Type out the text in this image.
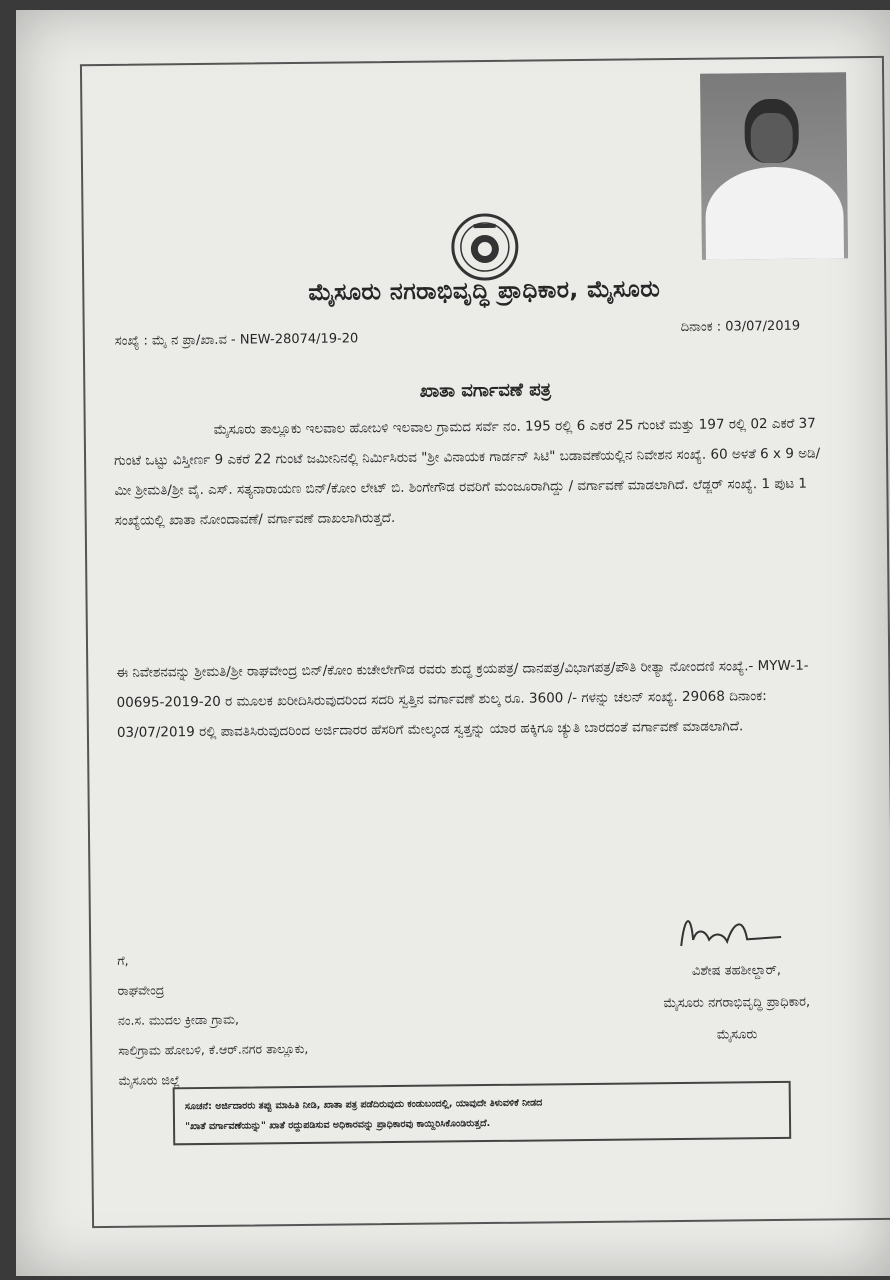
ಮೈಸೂರು ನಗರಾಭಿವೃದ್ಧಿ ಪ್ರಾಧಿಕಾರ, ಮೈಸೂರು
ಸಂಖ್ಯೆ : ಮೈ ನ ಪ್ರಾ/ಖಾ.ವ - NEW-28074/19-20
ದಿನಾಂಕ : 03/07/2019
ಖಾತಾ ವರ್ಗಾವಣೆ ಪತ್ರ
ಮೈಸೂರು ತಾಲ್ಲೂಕು ಇಲವಾಲ ಹೋಬಳಿ ಇಲವಾಲ ಗ್ರಾಮದ ಸರ್ವೆ ನಂ. 195 ರಲ್ಲಿ 6 ಎಕರೆ 25 ಗುಂಟೆ ಮತ್ತು 197 ರಲ್ಲಿ 02 ಎಕರೆ 37 ಗುಂಟೆ ಒಟ್ಟು ವಿಸ್ತೀರ್ಣ 9 ಎಕರೆ 22 ಗುಂಟೆ ಜಮೀನಿನಲ್ಲಿ ನಿರ್ಮಿಸಿರುವ "ಶ್ರೀ ವಿನಾಯಕ ಗಾರ್ಡನ್ ಸಿಟಿ" ಬಡಾವಣೆಯಲ್ಲಿನ ನಿವೇಶನ ಸಂಖ್ಯೆ. 60 ಅಳತೆ 6 x 9 ಅಡಿ/ಮೀ ಶ್ರೀಮತಿ/ಶ್ರೀ ವೈ. ಎಸ್. ಸತ್ಯನಾರಾಯಣ ಬಿನ್/ಕೋಂ ಲೇಟ್ ಬಿ. ಶಿಂಗೇಗೌಡ ರವರಿಗೆ ಮಂಜೂರಾಗಿದ್ದು / ವರ್ಗಾವಣೆ ಮಾಡಲಾಗಿದೆ. ಲೆಡ್ಜರ್ ಸಂಖ್ಯೆ. 1 ಪುಟ 1 ಸಂಖ್ಯೆಯಲ್ಲಿ ಖಾತಾ ನೋಂದಾವಣೆ/ ವರ್ಗಾವಣೆ ದಾಖಲಾಗಿರುತ್ತದೆ.
ಈ ನಿವೇಶನವನ್ನು ಶ್ರೀಮತಿ/ಶ್ರೀ ರಾಘವೇಂದ್ರ ಬಿನ್/ಕೋಂ ಕುಚೇಲೇಗೌಡ ರವರು ಶುದ್ಧ ಕ್ರಯಪತ್ರ/ ದಾನಪತ್ರ/ವಿಭಾಗಪತ್ರ/ಪೌತಿ ರೀತ್ಯಾ ನೋಂದಣಿ ಸಂಖ್ಯೆ.- MYW-1-00695-2019-20 ರ ಮೂಲಕ ಖರೀದಿಸಿರುವುದರಿಂದ ಸದರಿ ಸ್ವತ್ತಿನ ವರ್ಗಾವಣೆ ಶುಲ್ಕ ರೂ. 3600 /- ಗಳನ್ನು ಚಲನ್ ಸಂಖ್ಯೆ. 29068 ದಿನಾಂಕ: 03/07/2019 ರಲ್ಲಿ ಪಾವತಿಸಿರುವುದರಿಂದ ಅರ್ಜಿದಾರರ ಹೆಸರಿಗೆ ಮೇಲ್ಕಂಡ ಸ್ವತ್ತನ್ನು ಯಾರ ಹಕ್ಕಿಗೂ ಚ್ಯುತಿ ಬಾರದಂತೆ ವರ್ಗಾವಣೆ ಮಾಡಲಾಗಿದೆ.
ಗೆ,
ರಾಘವೇಂದ್ರ
ನಂ.ಸ. ಮುದಲ ಕ್ರೀಡಾ ಗ್ರಾಮ,
ಸಾಲಿಗ್ರಾಮ ಹೋಬಳಿ, ಕೆ.ಆರ್.ನಗರ ತಾಲ್ಲೂಕು,
ಮೈಸೂರು ಜಿಲ್ಲೆ
ವಿಶೇಷ ತಹಶೀಲ್ದಾರ್,
ಮೈಸೂರು ನಗರಾಭಿವೃದ್ಧಿ ಪ್ರಾಧಿಕಾರ,
ಮೈಸೂರು
ಸೂಚನೆ: ಅರ್ಜಿದಾರರು ತಪ್ಪು ಮಾಹಿತಿ ನೀಡಿ, ಖಾತಾ ಪತ್ರ ಪಡೆದಿರುವುದು ಕಂಡುಬಂದಲ್ಲಿ, ಯಾವುದೇ ತಿಳುವಳಿಕೆ ನೀಡದ
"ಖಾತೆ ವರ್ಗಾವಣೆಯನ್ನು" ಖಾತೆ ರದ್ದುಪಡಿಸುವ ಅಧಿಕಾರವನ್ನು ಪ್ರಾಧಿಕಾರವು ಕಾಯ್ದಿರಿಸಿಕೊಂಡಿರುತ್ತದೆ.
